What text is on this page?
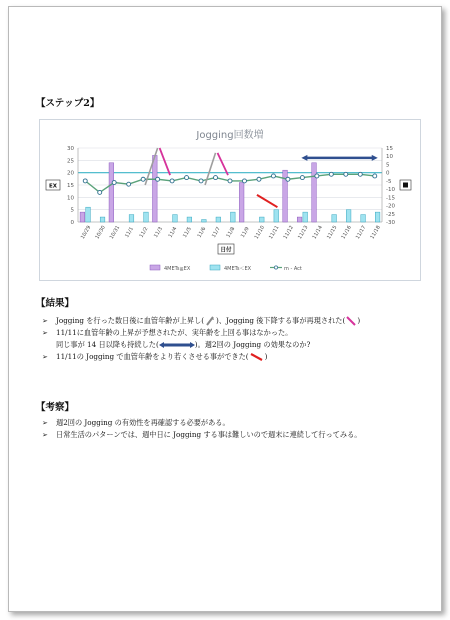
【ステップ2】
Jogging回数増
0
5
10
15
20
25
30
-30
-25
-20
-15
-10
-5
0
5
10
15
10/29 10/30 10/31 11/1 11/2 11/3 11/4 11/5 11/6 11/7 11/8 11/9 11/10 11/11 11/12 11/13 11/14 11/15 11/16 11/17 11/18
EX
日付
4METs≧EX	4METs＜EX	m - Act
【結果】
➢ Jogging を行った数日後に血管年齢が上昇し( )、Jogging 後下降する事が再現された( )
➢ 11/11に血管年齢の上昇が予想されたが、実年齢を上回る事はなかった。
同じ事が 14 日以降も持続した(	)。週2回の Jogging の効果なのか?
➢ 11/11の Jogging で血管年齢をより若くさせる事ができた( )
【考察】
➢ 週2回の Jogging の有効性を再確認する必要がある。
➢ 日常生活のパターンでは、週中日に Jogging する事は難しいので週末に連続して行ってみる。
